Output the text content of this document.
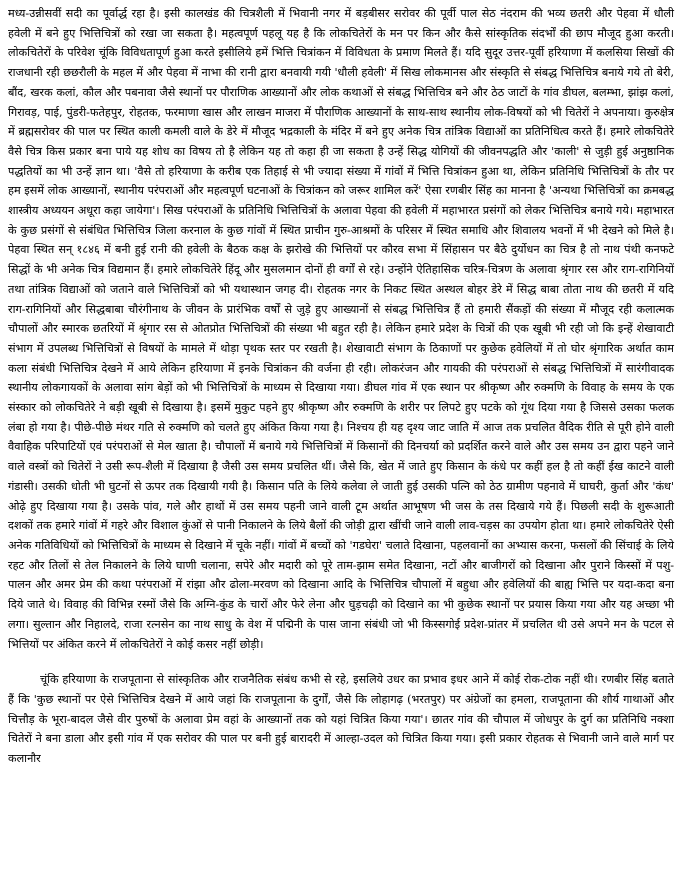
मध्य-उन्नीसवीं सदी का पूर्वार्द्ध रहा है। इसी कालखंड की चित्रशैली में भिवानी नगर में बड़बीसर सरोवर की पूर्वी पाल सेठ नंदराम की भव्य छतरी और पेहवा में धौली हवेली में बने हुए भित्तिचित्रों को रखा जा सकता है। महत्वपूर्ण पहलू यह है कि लोकचितेरों के मन पर किन और कैसे सांस्कृतिक संदर्भों की छाप मौजूद हुआ करती। लोकचितेरों के परिवेश चूंकि विविधतापूर्ण हुआ करते इसीलिये हमें भित्ति चित्रांकन में विविधता के प्रमाण मिलते हैं। यदि सुदूर उत्तर-पूर्वी हरियाणा में कलसिया सिखों की राजधानी रही छछरौली के महल में और पेहवा में नाभा की रानी द्वारा बनवायी गयी 'धौली हवेली' में सिख लोकमानस और संस्कृति से संबद्ध भित्तिचित्र बनाये गये तो बेरी, बौंद, खरक कलां, कौल और पबनावा जैसे स्थानों पर पौराणिक आख्यानों और लोक कथाओं से संबद्ध भित्तिचित्र बने और ठेठ जाटों के गांव डीघल, बलम्भा, झांझ कलां, गिरावड़, पाई, पुंडरी-फतेहपुर, रोहतक, फरमाणा खास और लाखन माजरा में पौराणिक आख्यानों के साथ-साथ स्थानीय लोक-विषयों को भी चितेरों ने अपनाया। कुरुक्षेत्र में ब्रह्मसरोवर की पाल पर स्थित काली कमली वाले के डेरे में मौजूद भद्रकाली के मंदिर में बने हुए अनेक चित्र तांत्रिक विद्याओं का प्रतिनिधित्व करते हैं। हमारे लोकचितेरे वैसे चित्र किस प्रकार बना पाये यह शोध का विषय तो है लेकिन यह तो कहा ही जा सकता है उन्हें सिद्ध योगियों की जीवनपद्धति और 'काली' से जुड़ी हुई अनुष्ठानिक पद्धतियों का भी उन्हें ज्ञान था। 'वैसे तो हरियाणा के करीब एक तिहाई से भी ज्यादा संख्या में गांवों में भित्ति चित्रांकन हुआ था, लेकिन प्रतिनिधि भित्तिचित्रों के तौर पर हम इसमें लोक आख्यानों, स्थानीय परंपराओं और महत्वपूर्ण घटनाओं के चित्रांकन को जरूर शामिल करें' ऐसा रणबीर सिंह का मानना है 'अन्यथा भित्तिचित्रों का क्रमबद्ध शास्त्रीय अध्ययन अधूरा कहा जायेगा'। सिख परंपराओं के प्रतिनिधि भित्तिचित्रों के अलावा पेहवा की हवेली में महाभारत प्रसंगों को लेकर भित्तिचित्र बनाये गये। महाभारत के कुछ प्रसंगों से संबंधित भित्तिचित्र जिला करनाल के कुछ गांवों में स्थित प्राचीन गुरु-आश्रमों के परिसर में स्थित समाधि और शिवालय भवनों में भी देखने को मिले है। पेहवा स्थित सन् १८४६ में बनी हुई रानी की हवेली के बैठक कक्ष के झरोखे की भित्तियों पर कौरव सभा में सिंहासन पर बैठे दुर्योधन का चित्र है तो नाथ पंथी कनफटे सिद्धों के भी अनेक चित्र विद्यमान हैं। हमारे लोकचितेरे हिंदू और मुसलमान दोनों ही वर्गों से रहे। उन्होंने ऐतिहासिक चरित्र-चित्रण के अलावा श्रृंगार रस और राग-रागिनियों तथा तांत्रिक विद्याओं को जताने वाले भित्तिचित्रों को भी यथास्थान जगह दी। रोहतक नगर के निकट स्थित अस्थल बोहर डेरे में सिद्ध बाबा तोता नाथ की छतरी में यदि राग-रागिनियों और सिद्धबाबा चौरंगीनाथ के जीवन के प्रारंभिक वर्षों से जुड़े हुए आख्यानों से संबद्ध भित्तिचित्र हैं तो हमारी सैंकड़ों की संख्या में मौजूद रही कलात्मक चौपालों और स्मारक छतरियों में श्रृंगार रस से ओतप्रोत भित्तिचित्रों की संख्या भी बहुत रही है। लेकिन हमारे प्रदेश के चित्रों की एक खूबी भी रही जो कि इन्हें शेखावाटी संभाग में उपलब्ध भित्तिचित्रों से विषयों के मामले में थोड़ा पृथक स्तर पर रखती है। शेखावाटी संभाग के ठिकाणों पर कुछेक हवेलियों में तो घोर श्रृंगारिक अर्थात काम कला संबंधी भित्तिचित्र देखने में आये लेकिन हरियाणा में इनके चित्रांकन की वर्जना ही रही। लोकरंजन और गायकी की परंपराओं से संबद्ध भित्तिचित्रों में सारंगीवादक स्थानीय लोकगायकों के अलावा सांग बेड़ों को भी भित्तिचित्रों के माध्यम से दिखाया गया। डीघल गांव में एक स्थान पर श्रीकृष्ण और रुक्मणि के विवाह के समय के एक संस्कार को लोकचितेरे ने बड़ी खूबी से दिखाया है। इसमें मुकुट पहने हुए श्रीकृष्ण और रुक्मणि के शरीर पर लिपटे हुए पटके को गूंथ दिया गया है जिससे उसका फलक लंबा हो गया है। पीछे-पीछे मंथर गति से रुक्मणि को चलते हुए अंकित किया गया है। निश्चय ही यह दृश्य जाट जाति में आज तक प्रचलित वैदिक रीति से पूरी होने वाली वैवाहिक परिपाटियों एवं परंपराओं से मेल खाता है। चौपालों में बनाये गये भित्तिचित्रों में किसानों की दिनचर्या को प्रदर्शित करने वाले और उस समय उन द्वारा पहने जाने वाले वस्त्रों को चितेरों ने उसी रूप-शैली में दिखाया है जैसी उस समय प्रचलित थीं। जैसे कि, खेत में जाते हुए किसान के कंधे पर कहीं हल है तो कहीं ईख काटने वाली गंडासी। उसकी धोती भी घुटनों से ऊपर तक दिखायी गयी है। किसान पति के लिये कलेवा ले जाती हुई उसकी पत्नि को ठेठ ग्रामीण पहनावे में घाघरी, कुर्ता और 'कंध' ओढ़े हुए दिखाया गया है। उसके पांव, गले और हाथों में उस समय पहनी जाने वाली टूम अर्थात आभूषण भी जस के तस दिखाये गये हैं। पिछली सदी के शुरूआती दशकों तक हमारे गांवों में गहरे और विशाल कुंओं से पानी निकालने के लिये बैलों की जोड़ी द्वारा खींची जाने वाली लाव-चड़स का उपयोग होता था। हमारे लोकचितेरे ऐसी अनेक गतिविधियों को भित्तिचित्रों के माध्यम से दिखाने में चूके नहीं। गांवों में बच्चों को 'गडघेरा' चलाते दिखाना, पहलवानों का अभ्यास करना, फसलों की सिंचाई के लिये रहट और तिलों से तेल निकालने के लिये घाणी चलाना, सपेरे और मदारी को पूरे ताम-झाम समेत दिखाना, नटों और बाजीगरों को दिखाना और पुराने किस्सों में पशु-पालन और अमर प्रेम की कथा परंपराओं में रांझा और ढोला-मरवण को दिखाना आदि के भित्तिचित्र चौपालों में बहुधा और हवेलियों की बाह्य भित्ति पर यदा-कदा बना दिये जाते थे। विवाह की विभिन्न रस्मों जैसे कि अग्नि-कुंड के चारों और फेरे लेना और घुड़चढ़ी को दिखाने का भी कुछेक स्थानों पर प्रयास किया गया और यह अच्छा भी लगा। सुल्तान और निहालदे, राजा रत्नसेन का नाथ साधु के वेश में पद्मिनी के पास जाना संबंधी जो भी किस्सगोई प्रदेश-प्रांतर में प्रचलित थी उसे अपने मन के पटल से भित्तियों पर अंकित करने में लोकचितेरों ने कोई कसर नहीं छोड़ी।

चूंकि हरियाणा के राजपूताना से सांस्कृतिक और राजनैतिक संबंध कभी से रहे, इसलिये उधर का प्रभाव इधर आने में कोई रोक-टोक नहीं थी। रणबीर सिंह बताते हैं कि 'कुछ स्थानों पर ऐसे भित्तिचित्र देखने में आये जहां कि राजपूताना के दुर्गों, जैसे कि लोहागढ़ (भरतपुर) पर अंग्रेजों का हमला, राजपूताना की शौर्य गाथाओं और चित्तौड़ के भूरा-बादल जैसे वीर पुरुषों के अलावा प्रेम वहां के आख्यानों तक को यहां चित्रित किया गया'। छातर गांव की चौपाल में जोधपुर के दुर्ग का प्रतिनिधि नक्शा चितेरों ने बना डाला और इसी गांव में एक सरोवर की पाल पर बनी हुई बारादरी में आल्हा-उदल को चित्रित किया गया। इसी प्रकार रोहतक से भिवानी जाने वाले मार्ग पर कलानौर
